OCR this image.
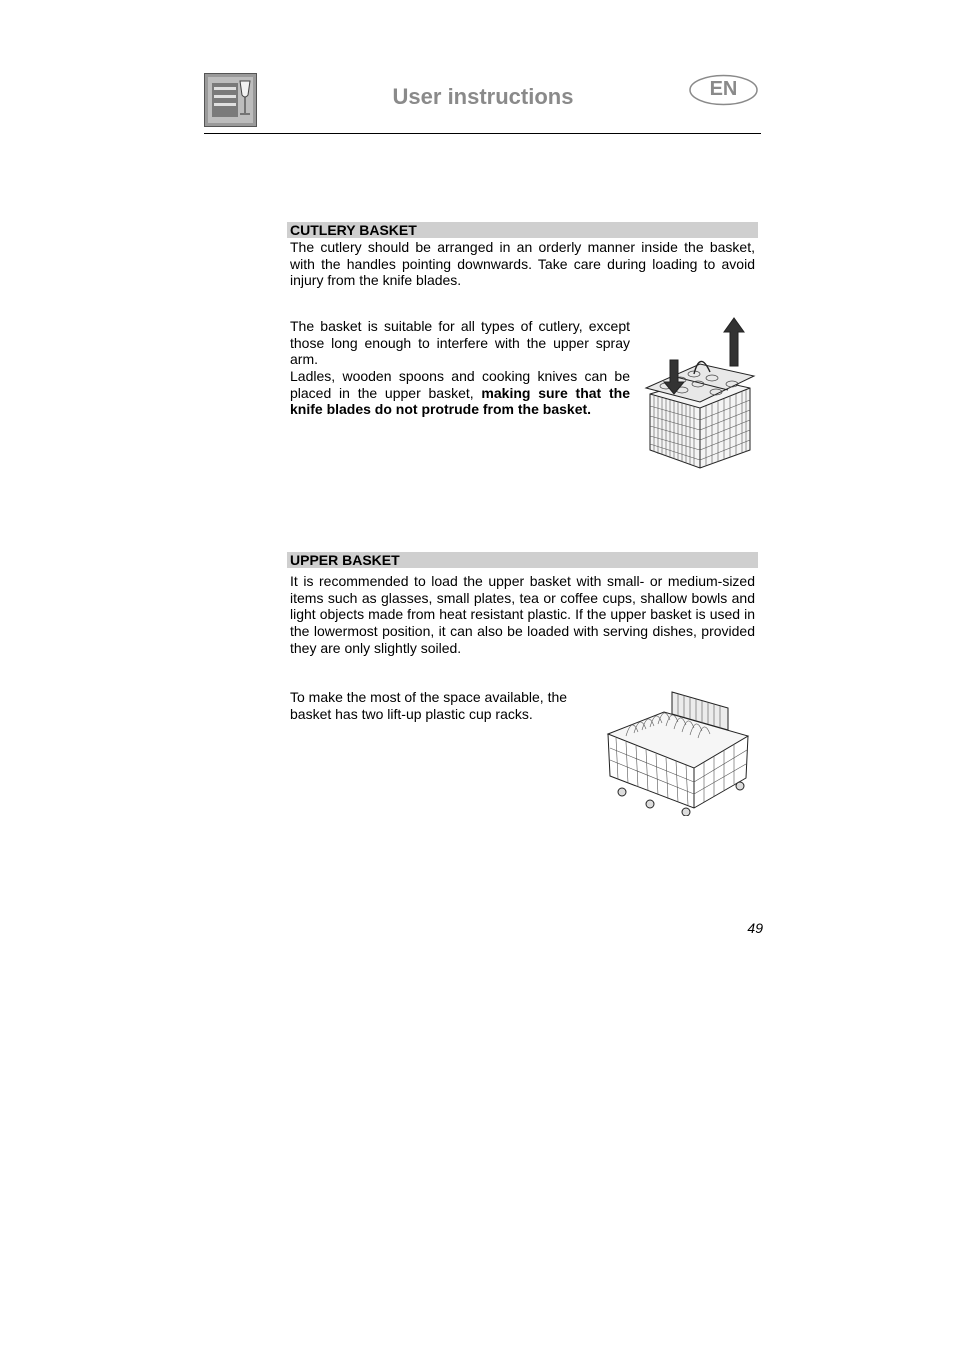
User instructions	EN
CUTLERY BASKET
The cutlery should be arranged in an orderly manner inside the basket, with the handles pointing downwards. Take care during loading to avoid injury from the knife blades.
The basket is suitable for all types of cutlery, except those long enough to interfere with the upper spray arm.
Ladles, wooden spoons and cooking knives can be placed in the upper basket, making sure that the knife blades do not protrude from the basket.
UPPER BASKET
It is recommended to load the upper basket with small- or medium-sized items such as glasses, small plates, tea or coffee cups, shallow bowls and light objects made from heat resistant plastic. If the upper basket is used in the lowermost position, it can also be loaded with serving dishes, provided they are only slightly soiled.
To make the most of the space available, the basket has two lift-up plastic cup racks.
49
